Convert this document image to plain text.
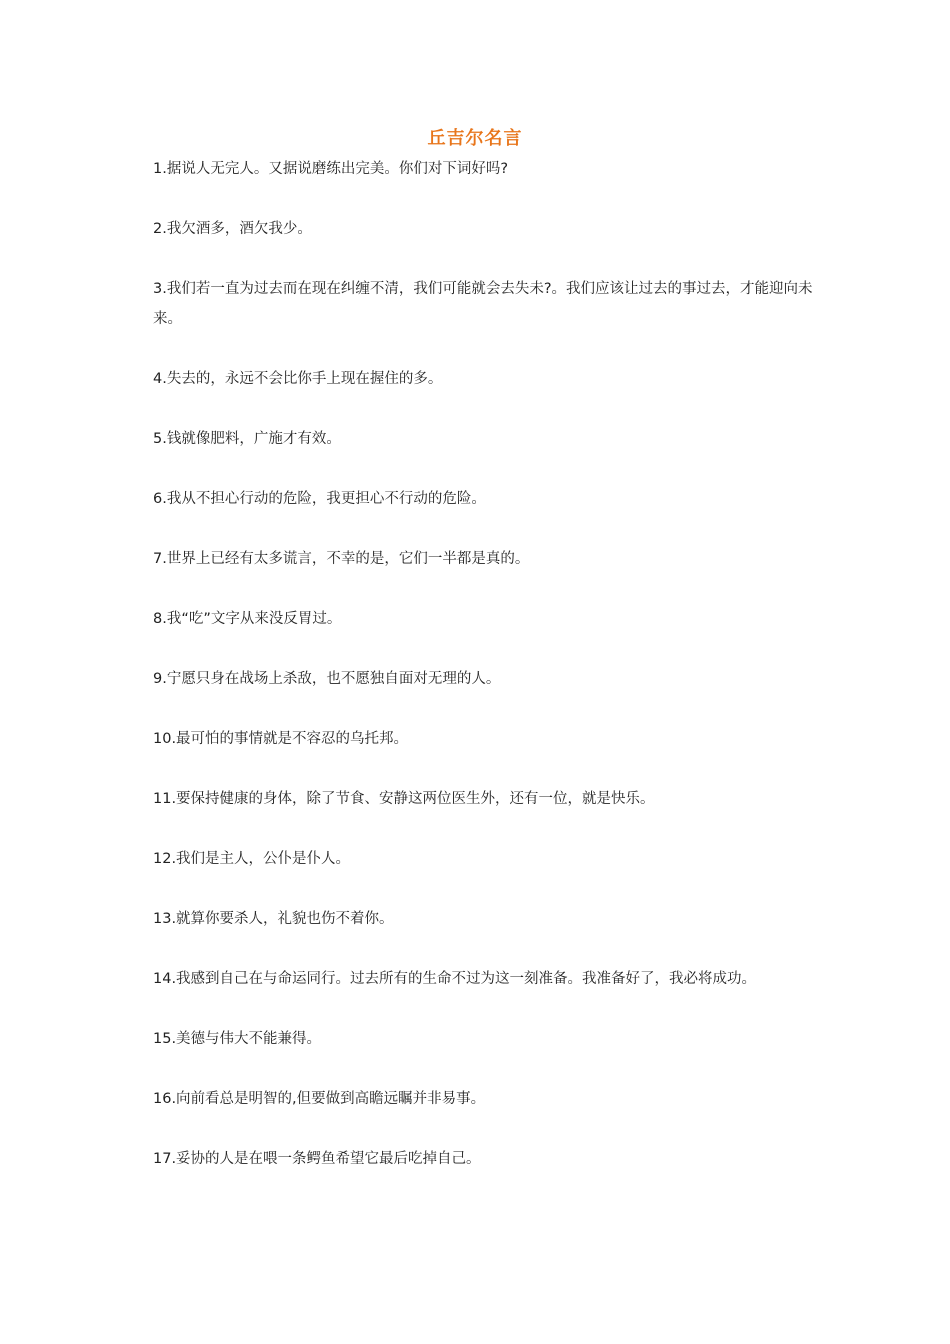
丘吉尔名言
1.据说人无完人。又据说磨练出完美。你们对下词好吗?
2.我欠酒多，酒欠我少。
3.我们若一直为过去而在现在纠缠不清，我们可能就会去失未?。我们应该让过去的事过去，才能迎向未来。
4.失去的，永远不会比你手上现在握住的多。
5.钱就像肥料，广施才有效。
6.我从不担心行动的危险，我更担心不行动的危险。
7.世界上已经有太多谎言，不幸的是，它们一半都是真的。
8.我“吃”文字从来没反胃过。
9.宁愿只身在战场上杀敌，也不愿独自面对无理的人。
10.最可怕的事情就是不容忍的乌托邦。
11.要保持健康的身体，除了节食、安静这两位医生外，还有一位，就是快乐。
12.我们是主人，公仆是仆人。
13.就算你要杀人，礼貌也伤不着你。
14.我感到自己在与命运同行。过去所有的生命不过为这一刻准备。我准备好了，我必将成功。
15.美德与伟大不能兼得。
16.向前看总是明智的,但要做到高瞻远瞩并非易事。
17.妥协的人是在喂一条鳄鱼希望它最后吃掉自己。
